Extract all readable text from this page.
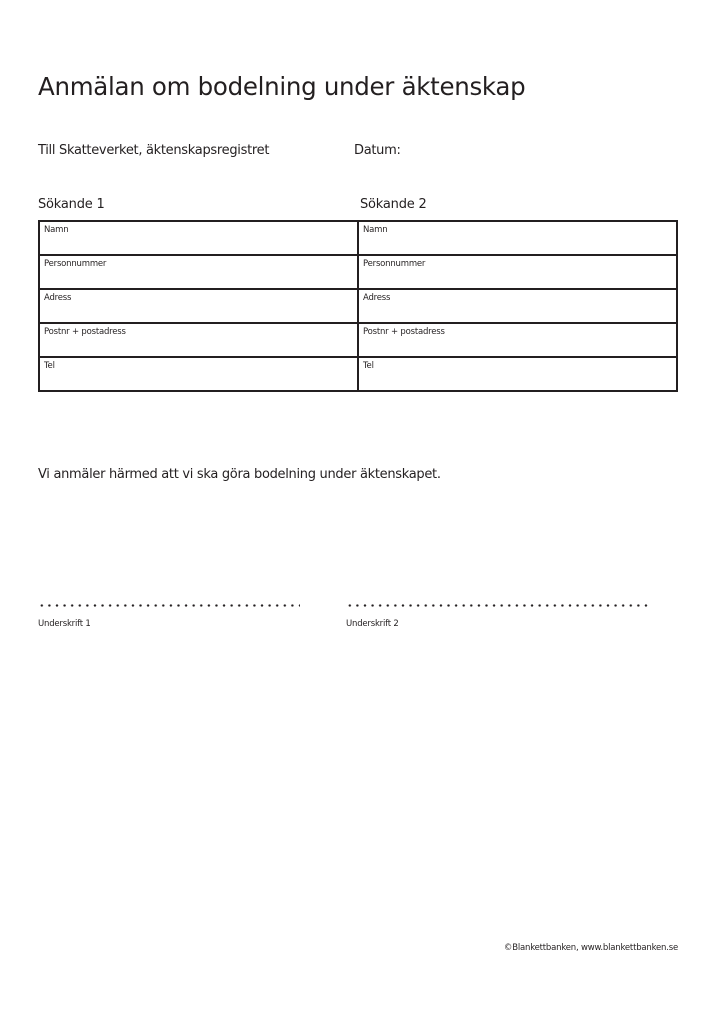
Anmälan om bodelning under äktenskap
Till Skatteverket, äktenskapsregistret	Datum:
Sökande 1	Sökande 2
Namn	Namn

Personnummer	Personnummer

Adress	Adress

Postnr + postadress	Postnr + postadress

Tel	Tel
Vi anmäler härmed att vi ska göra bodelning under äktenskapet.
Underskrift 1	Underskrift 2
©Blankettbanken, www.blankettbanken.se
